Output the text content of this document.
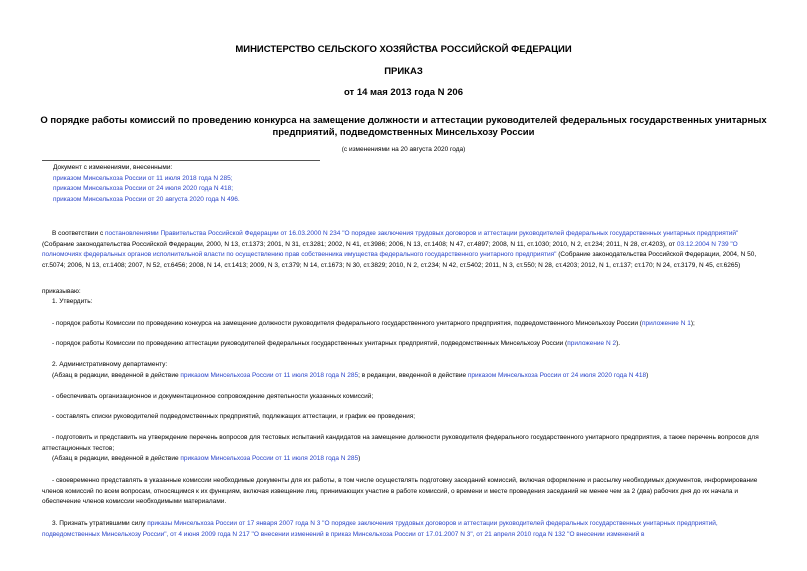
МИНИСТЕРСТВО СЕЛЬСКОГО ХОЗЯЙСТВА РОССИЙСКОЙ ФЕДЕРАЦИИ
ПРИКАЗ
от 14 мая 2013 года N 206
О порядке работы комиссий по проведению конкурса на замещение должности и аттестации руководителей федеральных государственных унитарных предприятий, подведомственных Минсельхозу России
(с изменениями на 20 августа 2020 года)
Документ с изменениями, внесенными:
приказом Минсельхоза России от 11 июля 2018 года N 285;
приказом Минсельхоза России от 24 июля 2020 года N 418;
приказом Минсельхоза России от 20 августа 2020 года N 496.
В соответствии с постановлениями Правительства Российской Федерации от 16.03.2000 N 234 "О порядке заключения трудовых договоров и аттестации руководителей федеральных государственных унитарных предприятий" (Собрание законодательства Российской Федерации, 2000, N 13, ст.1373; 2001, N 31, ст.3281; 2002, N 41, ст.3986; 2006, N 13, ст.1408; N 47, ст.4897; 2008, N 11, ст.1030; 2010, N 2, ст.234; 2011, N 28, ст.4203), от 03.12.2004 N 739 "О полномочиях федеральных органов исполнительной власти по осуществлению прав собственника имущества федерального государственного унитарного предприятия" (Собрание законодательства Российской Федерации, 2004, N 50, ст.5074; 2006, N 13, ст.1408; 2007, N 52, ст.6456; 2008, N 14, ст.1413; 2009, N 3, ст.379; N 14, ст.1673; N 30, ст.3829; 2010, N 2, ст.234; N 42, ст.5402; 2011, N 3, ст.550; N 28, ст.4203; 2012, N 1, ст.137; ст.170; N 24, ст.3179, N 45, ст.6265)
приказываю:
1. Утвердить:
- порядок работы Комиссии по проведению конкурса на замещение должности руководителя федерального государственного унитарного предприятия, подведомственного Минсельхозу России (приложение N 1);
- порядок работы Комиссии по проведению аттестации руководителей федеральных государственных унитарных предприятий, подведомственных Минсельхозу России (приложение N 2).
2. Административному департаменту:
(Абзац в редакции, введенной в действие приказом Минсельхоза России от 11 июля 2018 года N 285; в редакции, введенной в действие приказом Минсельхоза России от 24 июля 2020 года N 418)
- обеспечивать организационное и документационное сопровождение деятельности указанных комиссий;
- составлять списки руководителей подведомственных предприятий, подлежащих аттестации, и график ее проведения;
- подготовить и представить на утверждение перечень вопросов для тестовых испытаний кандидатов на замещение должности руководителя федерального государственного унитарного предприятия, а также перечень вопросов для аттестационных тестов;
(Абзац в редакции, введенной в действие приказом Минсельхоза России от 11 июля 2018 года N 285)
- своевременно представлять в указанные комиссии необходимые документы для их работы, в том числе осуществлять подготовку заседаний комиссий, включая оформление и рассылку необходимых документов, информирование членов комиссий по всем вопросам, относящимся к их функциям, включая извещение лиц, принимающих участие в работе комиссий, о времени и месте проведения заседаний не менее чем за 2 (два) рабочих дня до их начала и обеспечение членов комиссии необходимыми материалами.
3. Признать утратившими силу приказы Минсельхоза России от 17 января 2007 года N 3 "О порядке заключения трудовых договоров и аттестации руководителей федеральных государственных унитарных предприятий, подведомственных Минсельхозу России", от 4 июня 2009 года N 217 "О внесении изменений в приказ Минсельхоза России от 17.01.2007 N 3", от 21 апреля 2010 года N 132 "О внесении изменений в
